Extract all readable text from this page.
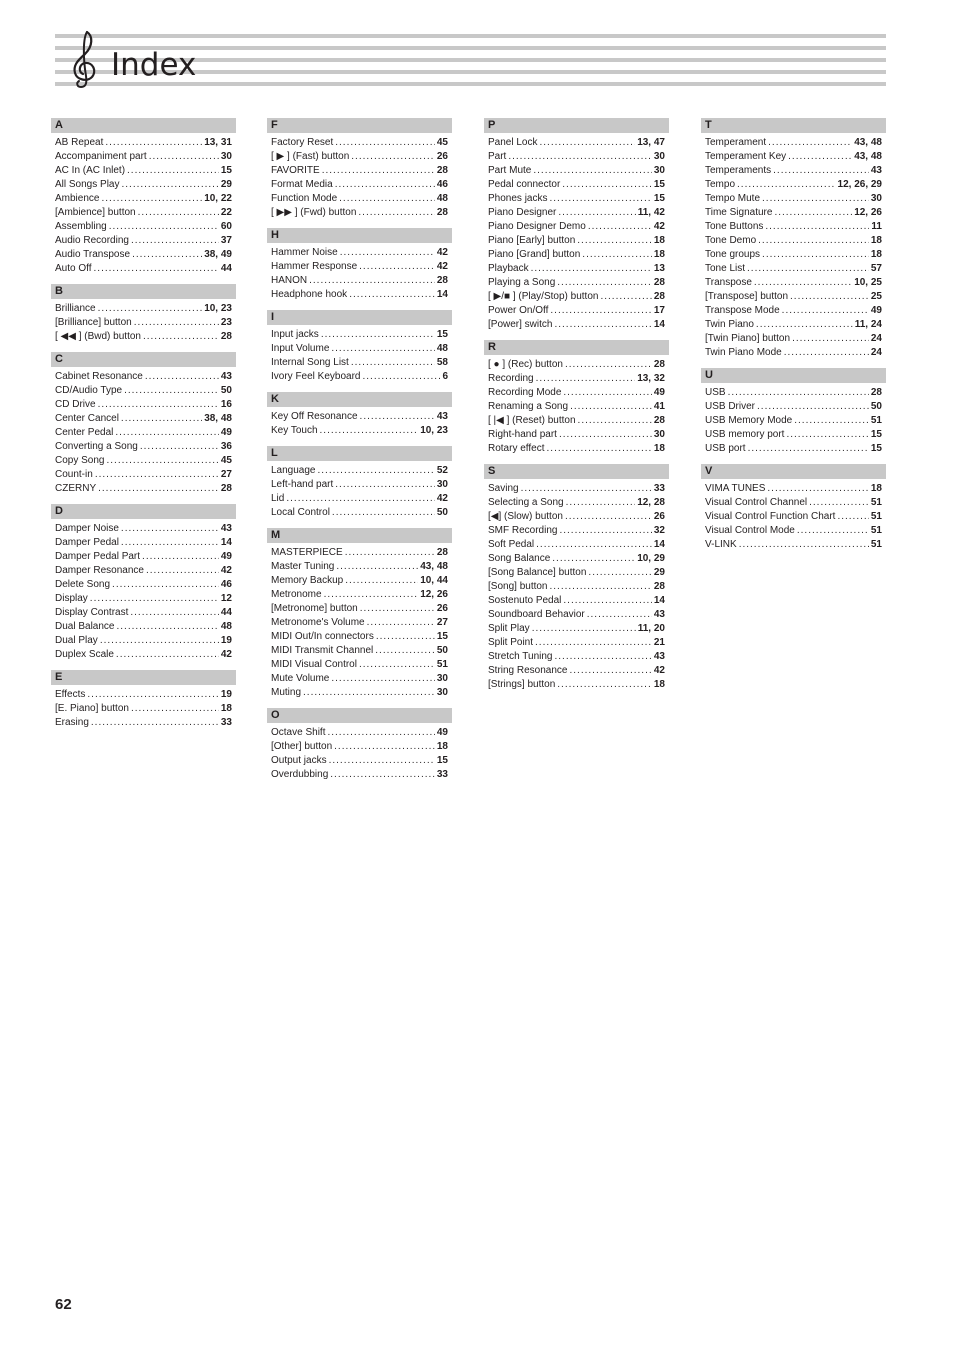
Index
A
AB Repeat .....	13, 31
Accompaniment part .....	30
AC In (AC Inlet) .....	15
All Songs Play .....	29
Ambience .....	10, 22
[Ambience] button .....	22
Assembling .....	60
Audio Recording .....	37
Audio Transpose .....	38, 49
Auto Off .....	44
B
Brilliance .....	10, 23
[Brilliance] button .....	23
[ ◀◀ ] (Bwd) button .....	28
C
Cabinet Resonance .....	43
CD/Audio Type .....	50
CD Drive .....	16
Center Cancel .....	38, 48
Center Pedal .....	49
Converting a Song .....	36
Copy Song .....	45
Count-in .....	27
CZERNY .....	28
D
Damper Noise .....	43
Damper Pedal .....	14
Damper Pedal Part .....	49
Damper Resonance .....	42
Delete Song .....	46
Display .....	12
Display Contrast .....	44
Dual Balance .....	48
Dual Play .....	19
Duplex Scale .....	42
E
Effects .....	19
[E. Piano] button .....	18
Erasing .....	33
F
Factory Reset .....	45
[ ▶ ] (Fast) button .....	26
FAVORITE .....	28
Format Media .....	46
Function Mode .....	48
[ ▶▶ ] (Fwd) button .....	28
H
Hammer Noise .....	42
Hammer Response .....	42
HANON .....	28
Headphone hook .....	14
I
Input jacks .....	15
Input Volume .....	48
Internal Song List .....	58
Ivory Feel Keyboard .....	6
K
Key Off Resonance .....	43
Key Touch .....	10, 23
L
Language .....	52
Left-hand part .....	30
Lid .....	42
Local Control .....	50
M
MASTERPIECE .....	28
Master Tuning .....	43, 48
Memory Backup .....	10, 44
Metronome .....	12, 26
[Metronome] button .....	26
Metronome's Volume .....	27
MIDI Out/In connectors .....	15
MIDI Transmit Channel .....	50
MIDI Visual Control .....	51
Mute Volume .....	30
Muting .....	30
O
Octave Shift .....	49
[Other] button .....	18
Output jacks .....	15
Overdubbing .....	33
P
Panel Lock .....	13, 47
Part .....	30
Part Mute .....	30
Pedal connector .....	15
Phones jacks .....	15
Piano Designer .....	11, 42
Piano Designer Demo .....	42
Piano [Early] button .....	18
Piano [Grand] button .....	18
Playback .....	13
Playing a Song .....	28
[ ▶/■ ] (Play/Stop) button .....	28
Power On/Off .....	17
[Power] switch .....	14
R
[ ● ] (Rec) button .....	28
Recording .....	13, 32
Recording Mode .....	49
Renaming a Song .....	41
[ |◀ ] (Reset) button .....	28
Right-hand part .....	30
Rotary effect .....	18
S
Saving .....	33
Selecting a Song .....	12, 28
[◀] (Slow) button .....	26
SMF Recording .....	32
Soft Pedal .....	14
Song Balance .....	10, 29
[Song Balance] button .....	29
[Song] button .....	28
Sostenuto Pedal .....	14
Soundboard Behavior .....	43
Split Play .....	11, 20
Split Point .....	21
Stretch Tuning .....	43
String Resonance .....	42
[Strings] button .....	18
T
Temperament .....	43, 48
Temperament Key .....	43, 48
Temperaments .....	43
Tempo .....	12, 26, 29
Tempo Mute .....	30
Time Signature .....	12, 26
Tone Buttons .....	11
Tone Demo .....	18
Tone groups .....	18
Tone List .....	57
Transpose .....	10, 25
[Transpose] button .....	25
Transpose Mode .....	49
Twin Piano .....	11, 24
[Twin Piano] button .....	24
Twin Piano Mode .....	24
U
USB .....	28
USB Driver .....	50
USB Memory Mode .....	51
USB memory port .....	15
USB port .....	15
V
VIMA TUNES .....	18
Visual Control Channel .....	51
Visual Control Function Chart .....	51
Visual Control Mode .....	51
V-LINK .....	51
62
